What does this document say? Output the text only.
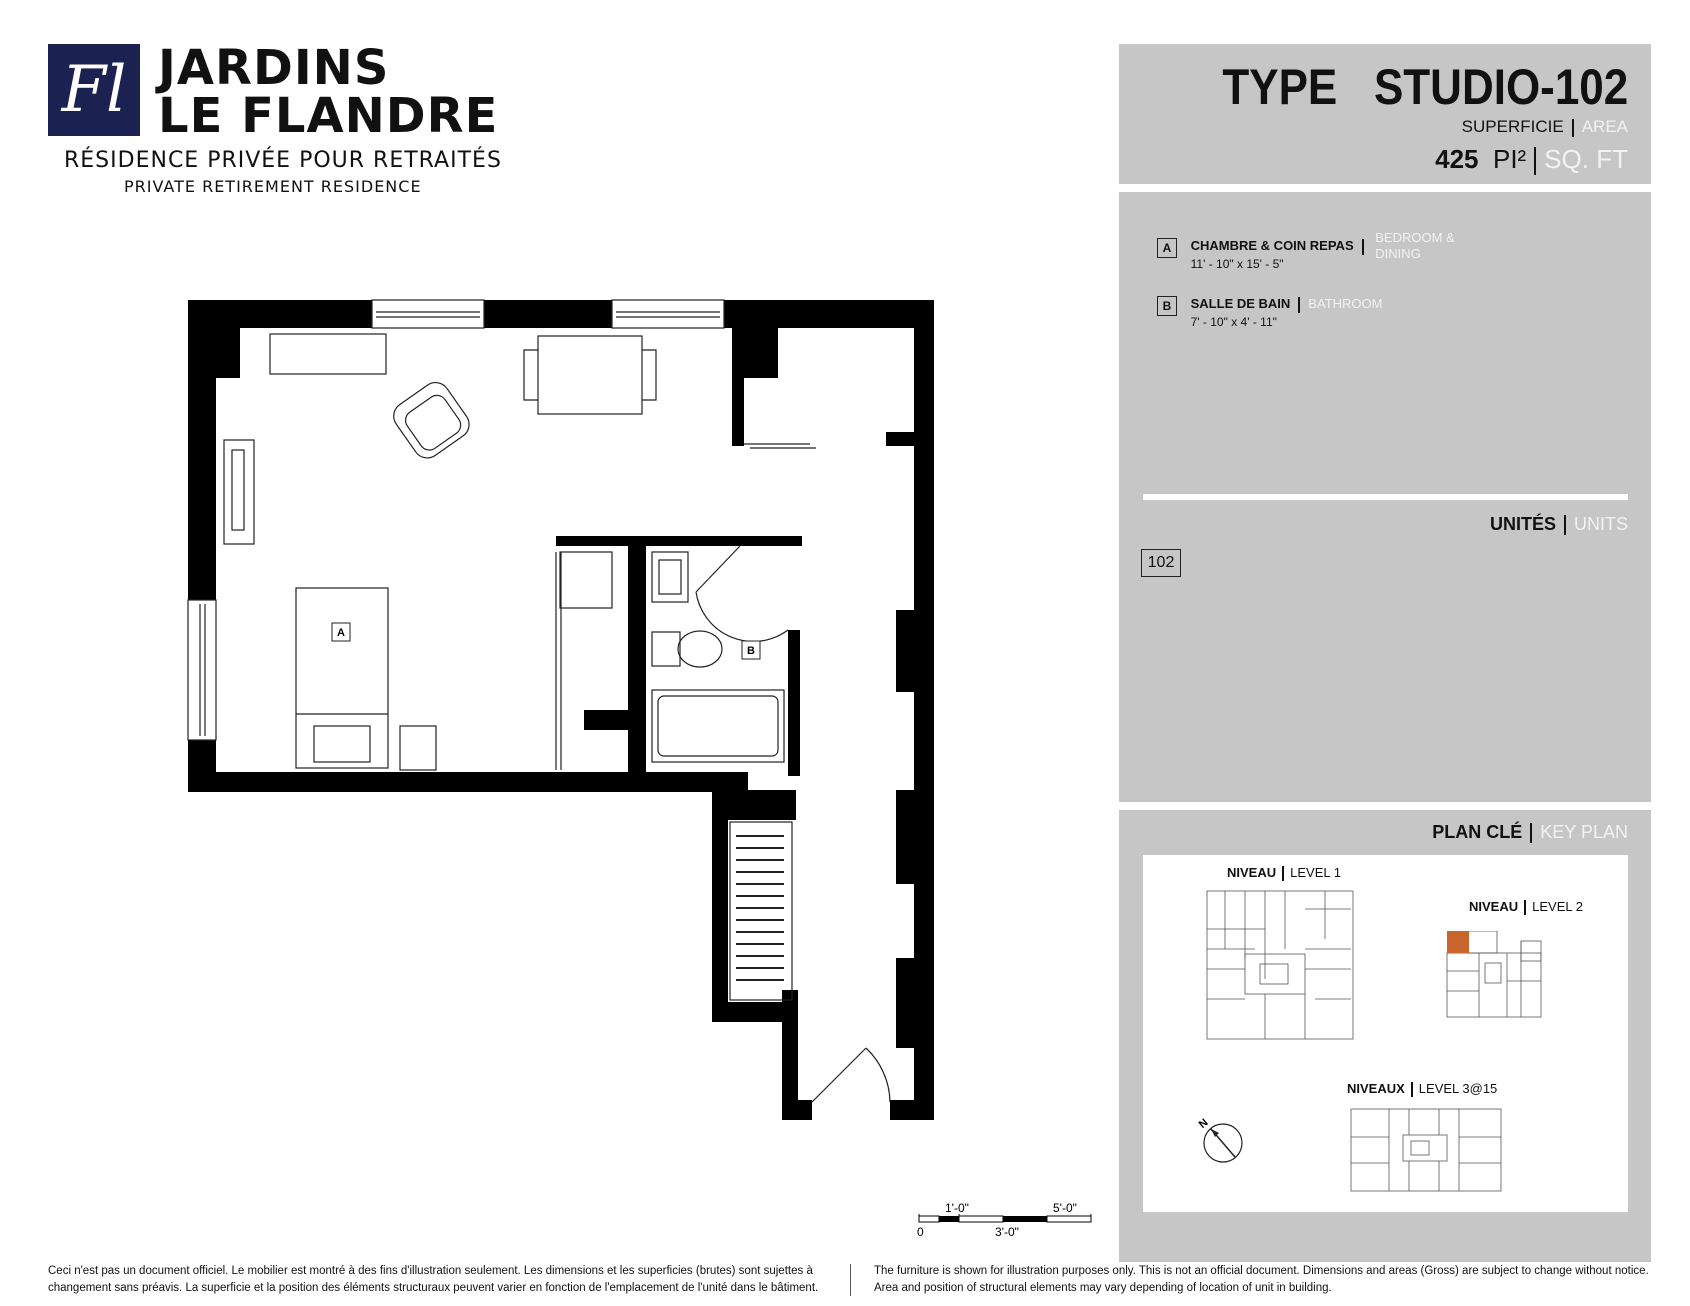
Fl JARDINS
LE FLANDRE
RÉSIDENCE PRIVÉE POUR RETRAITÉS
PRIVATE RETIREMENT RESIDENCE
A
B
1'-0"	5'-0"
0	3'-0"
TYPE   STUDIO-102
SUPERFICIE AREA
425 PI² SQ. FT
A CHAMBRE & COIN REPAS
11' - 10" x 15' - 5"
BEDROOM & DINING
B SALLE DE BAIN BATHROOM
7' - 10" x 4' - 11"
UNITÉS UNITS
102
PLAN CLÉ KEY PLAN
NIVEAU LEVEL 1
NIVEAU LEVEL 2
NIVEAUX LEVEL 3@15
N
Ceci n'est pas un document officiel. Le mobilier est montré à des fins d'illustration seulement. Les dimensions et les superficies (brutes) sont sujettes à changement sans préavis. La superficie et la position des éléments structuraux peuvent varier en fonction de l'emplacement de l'unité dans le bâtiment.
The furniture is shown for illustration purposes only. This is not an official document. Dimensions and areas (Gross) are subject to change without notice. Area and position of structural elements may vary depending of location of unit in building.
